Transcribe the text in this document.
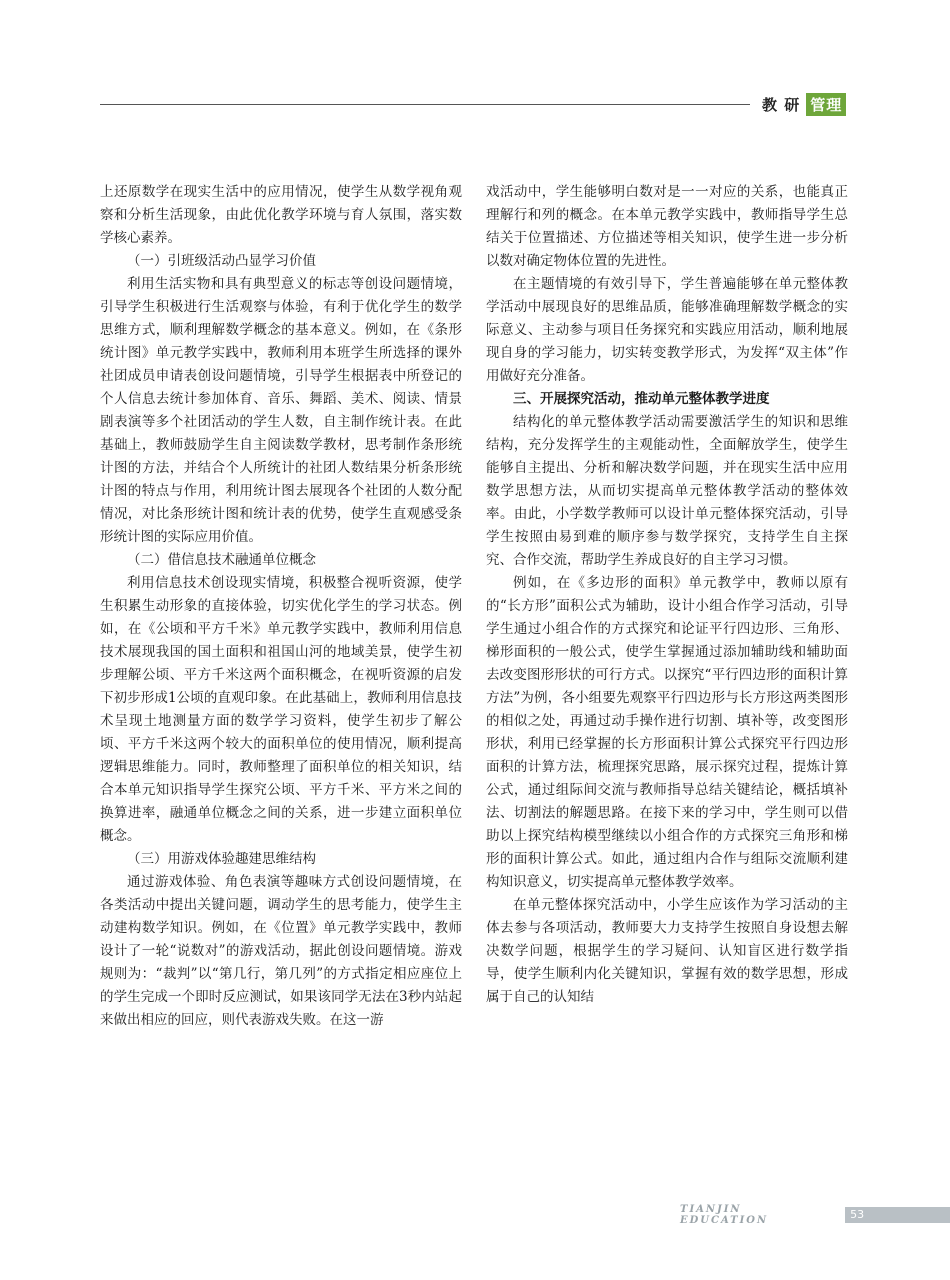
教 研 管理

上还原数学在现实生活中的应用情况，使学生从数学视角观察和分析生活现象，由此优化教学环境与育人氛围，落实数学核心素养。

（一）引班级活动凸显学习价值

利用生活实物和具有典型意义的标志等创设问题情境，引导学生积极进行生活观察与体验，有利于优化学生的数学思维方式，顺利理解数学概念的基本意义。例如，在《条形统计图》单元教学实践中，教师利用本班学生所选择的课外社团成员申请表创设问题情境，引导学生根据表中所登记的个人信息去统计参加体育、音乐、舞蹈、美术、阅读、情景剧表演等多个社团活动的学生人数，自主制作统计表。在此基础上，教师鼓励学生自主阅读数学教材，思考制作条形统计图的方法，并结合个人所统计的社团人数结果分析条形统计图的特点与作用，利用统计图去展现各个社团的人数分配情况，对比条形统计图和统计表的优势，使学生直观感受条形统计图的实际应用价值。

（二）借信息技术融通单位概念

利用信息技术创设现实情境，积极整合视听资源，使学生积累生动形象的直接体验，切实优化学生的学习状态。例如，在《公顷和平方千米》单元教学实践中，教师利用信息技术展现我国的国土面积和祖国山河的地域美景，使学生初步理解公顷、平方千米这两个面积概念，在视听资源的启发下初步形成1公顷的直观印象。在此基础上，教师利用信息技术呈现土地测量方面的数学学习资料，使学生初步了解公顷、平方千米这两个较大的面积单位的使用情况，顺利提高逻辑思维能力。同时，教师整理了面积单位的相关知识，结合本单元知识指导学生探究公顷、平方千米、平方米之间的换算进率，融通单位概念之间的关系，进一步建立面积单位概念。

（三）用游戏体验趣建思维结构

通过游戏体验、角色表演等趣味方式创设问题情境，在各类活动中提出关键问题，调动学生的思考能力，使学生主动建构数学知识。例如，在《位置》单元教学实践中，教师设计了一轮“说数对”的游戏活动，据此创设问题情境。游戏规则为：“裁判”以“第几行，第几列”的方式指定相应座位上的学生完成一个即时反应测试，如果该同学无法在3秒内站起来做出相应的回应，则代表游戏失败。在这一游

戏活动中，学生能够明白数对是一一对应的关系，也能真正理解行和列的概念。在本单元教学实践中，教师指导学生总结关于位置描述、方位描述等相关知识，使学生进一步分析以数对确定物体位置的先进性。

在主题情境的有效引导下，学生普遍能够在单元整体教学活动中展现良好的思维品质，能够准确理解数学概念的实际意义、主动参与项目任务探究和实践应用活动，顺利地展现自身的学习能力，切实转变教学形式，为发挥“双主体”作用做好充分准备。

三、开展探究活动，推动单元整体教学进度

结构化的单元整体教学活动需要激活学生的知识和思维结构，充分发挥学生的主观能动性，全面解放学生，使学生能够自主提出、分析和解决数学问题，并在现实生活中应用数学思想方法，从而切实提高单元整体教学活动的整体效率。由此，小学数学教师可以设计单元整体探究活动，引导学生按照由易到难的顺序参与数学探究，支持学生自主探究、合作交流，帮助学生养成良好的自主学习习惯。

例如，在《多边形的面积》单元教学中，教师以原有的“长方形”面积公式为辅助，设计小组合作学习活动，引导学生通过小组合作的方式探究和论证平行四边形、三角形、梯形面积的一般公式，使学生掌握通过添加辅助线和辅助面去改变图形形状的可行方式。以探究“平行四边形的面积计算方法”为例，各小组要先观察平行四边形与长方形这两类图形的相似之处，再通过动手操作进行切割、填补等，改变图形形状，利用已经掌握的长方形面积计算公式探究平行四边形面积的计算方法，梳理探究思路，展示探究过程，提炼计算公式，通过组际间交流与教师指导总结关键结论，概括填补法、切割法的解题思路。在接下来的学习中，学生则可以借助以上探究结构模型继续以小组合作的方式探究三角形和梯形的面积计算公式。如此，通过组内合作与组际交流顺利建构知识意义，切实提高单元整体教学效率。

在单元整体探究活动中，小学生应该作为学习活动的主体去参与各项活动，教师要大力支持学生按照自身设想去解决数学问题，根据学生的学习疑问、认知盲区进行数学指导，使学生顺利内化关键知识，掌握有效的数学思想，形成属于自己的认知结

TIANJIN EDUCATION	53
